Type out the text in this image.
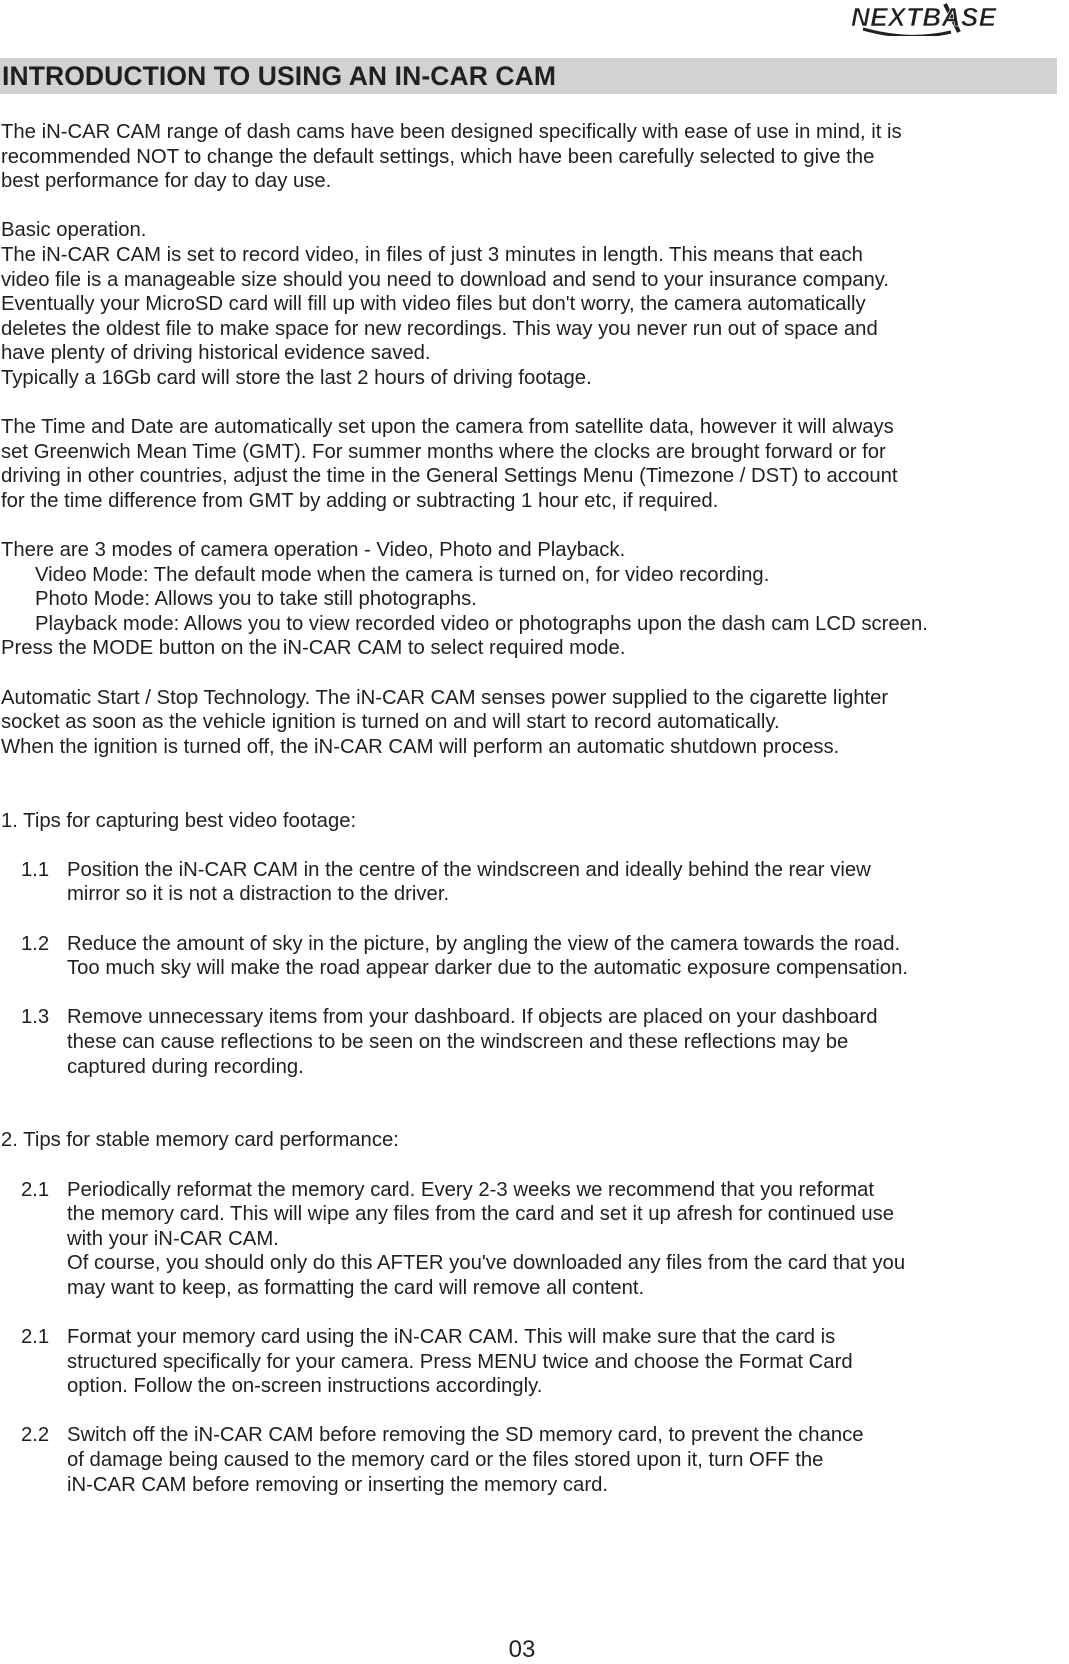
NEXTBASE
INTRODUCTION TO USING AN IN-CAR CAM
The iN-CAR CAM range of dash cams have been designed specifically with ease of use in mind, it is
recommended NOT to change the default settings, which have been carefully selected to give the
best performance for day to day use.
Basic operation.
The iN-CAR CAM is set to record video, in files of just 3 minutes in length. This means that each
video file is a manageable size should you need to download and send to your insurance company.
Eventually your MicroSD card will fill up with video files but don't worry, the camera automatically
deletes the oldest file to make space for new recordings. This way you never run out of space and
have plenty of driving historical evidence saved.
Typically a 16Gb card will store the last 2 hours of driving footage.
The Time and Date are automatically set upon the camera from satellite data, however it will always
set Greenwich Mean Time (GMT). For summer months where the clocks are brought forward or for
driving in other countries, adjust the time in the General Settings Menu (Timezone / DST) to account
for the time difference from GMT by adding or subtracting 1 hour etc, if required.
There are 3 modes of camera operation - Video, Photo and Playback.
Video Mode: The default mode when the camera is turned on, for video recording.
Photo Mode: Allows you to take still photographs.
Playback mode: Allows you to view recorded video or photographs upon the dash cam LCD screen.
Press the MODE button on the iN-CAR CAM to select required mode.
Automatic Start / Stop Technology. The iN-CAR CAM senses power supplied to the cigarette lighter
socket as soon as the vehicle ignition is turned on and will start to record automatically.
When the ignition is turned off, the iN-CAR CAM will perform an automatic shutdown process.
1. Tips for capturing best video footage:
1.1 Position the iN-CAR CAM in the centre of the windscreen and ideally behind the rear view
mirror so it is not a distraction to the driver.
1.2 Reduce the amount of sky in the picture, by angling the view of the camera towards the road.
Too much sky will make the road appear darker due to the automatic exposure compensation.
1.3 Remove unnecessary items from your dashboard. If objects are placed on your dashboard
these can cause reflections to be seen on the windscreen and these reflections may be
captured during recording.
2. Tips for stable memory card performance:
2.1 Periodically reformat the memory card. Every 2-3 weeks we recommend that you reformat
the memory card. This will wipe any files from the card and set it up afresh for continued use
with your iN-CAR CAM.
Of course, you should only do this AFTER you've downloaded any files from the card that you
may want to keep, as formatting the card will remove all content.
2.1 Format your memory card using the iN-CAR CAM. This will make sure that the card is
structured specifically for your camera. Press MENU twice and choose the Format Card
option. Follow the on-screen instructions accordingly.
2.2 Switch off the iN-CAR CAM before removing the SD memory card, to prevent the chance
of damage being caused to the memory card or the files stored upon it, turn OFF the
iN-CAR CAM before removing or inserting the memory card.
03
